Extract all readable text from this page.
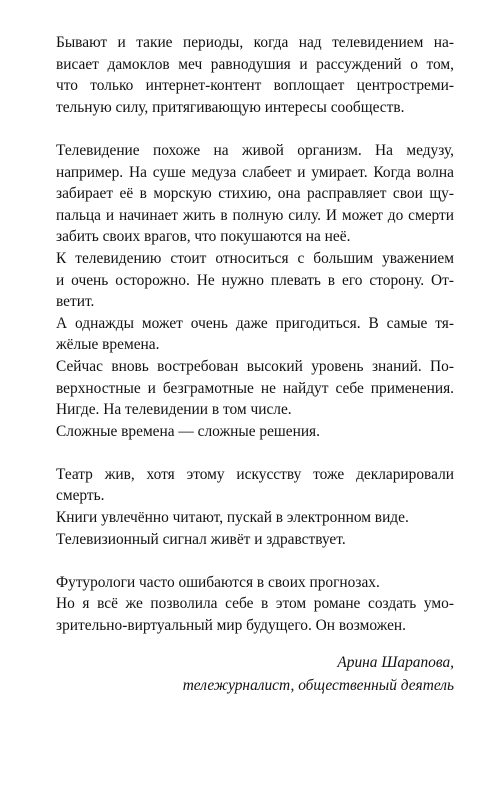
Бывают и такие периоды, когда над телевидением на-
висает дамоклов меч равнодушия и рассуждений о том,
что только интернет-контент воплощает центростреми-
тельную силу, притягивающую интересы сообществ.
Телевидение похоже на живой организм. На медузу,
например. На суше медуза слабеет и умирает. Когда волна
забирает её в морскую стихию, она расправляет свои щу-
пальца и начинает жить в полную силу. И может до смерти
забить своих врагов, что покушаются на неё.
К телевидению стоит относиться с большим уважением
и очень осторожно. Не нужно плевать в его сторону. От-
ветит.
А однажды может очень даже пригодиться. В самые тя-
жёлые времена.
Сейчас вновь востребован высокий уровень знаний. По-
верхностные и безграмотные не найдут себе применения.
Нигде. На телевидении в том числе.
Сложные времена — сложные решения.
Театр жив, хотя этому искусству тоже декларировали
смерть.
Книги увлечённо читают, пускай в электронном виде.
Телевизионный сигнал живёт и здравствует.
Футурологи часто ошибаются в своих прогнозах.
Но я всё же позволила себе в этом романе создать умо-
зрительно-виртуальный мир будущего. Он возможен.
Арина Шарапова,
тележурналист, общественный деятель
